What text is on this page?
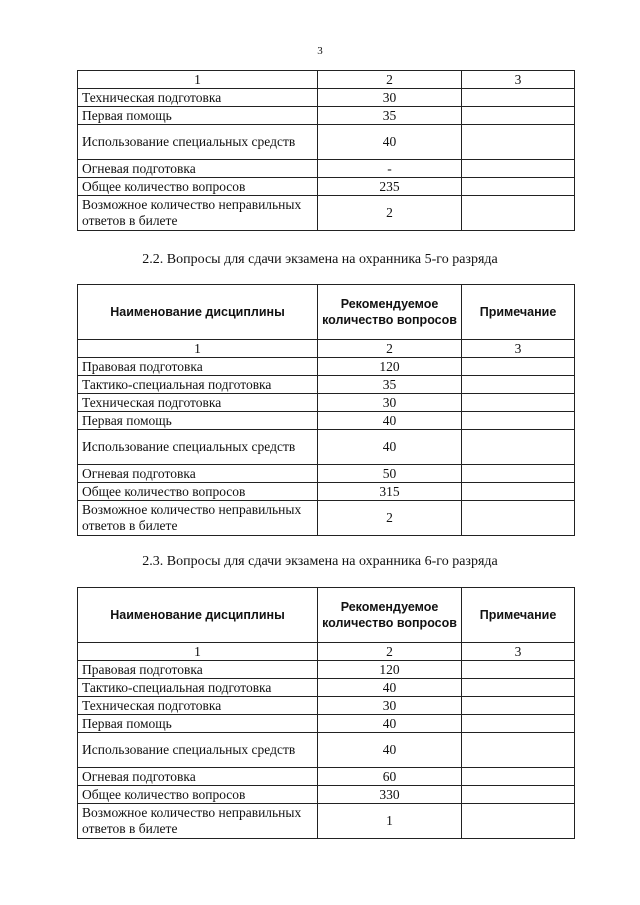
3
1	2	3
Техническая подготовка	30	
Первая помощь	35	
Использование специальных средств	40	
Огневая подготовка	-	
Общее количество вопросов	235	
Возможное количество неправильных ответов в билете	2	
2.2. Вопросы для сдачи экзамена на охранника 5-го разряда
Наименование дисциплины	Рекомендуемое количество вопросов	Примечание
1	2	3
Правовая подготовка	120	
Тактико-специальная подготовка	35	
Техническая подготовка	30	
Первая помощь	40	
Использование специальных средств	40	
Огневая подготовка	50	
Общее количество вопросов	315	
Возможное количество неправильных ответов в билете	2	
2.3. Вопросы для сдачи экзамена на охранника 6-го разряда
Наименование дисциплины	Рекомендуемое количество вопросов	Примечание
1	2	3
Правовая подготовка	120	
Тактико-специальная подготовка	40	
Техническая подготовка	30	
Первая помощь	40	
Использование специальных средств	40	
Огневая подготовка	60	
Общее количество вопросов	330	
Возможное количество неправильных ответов в билете	1	
